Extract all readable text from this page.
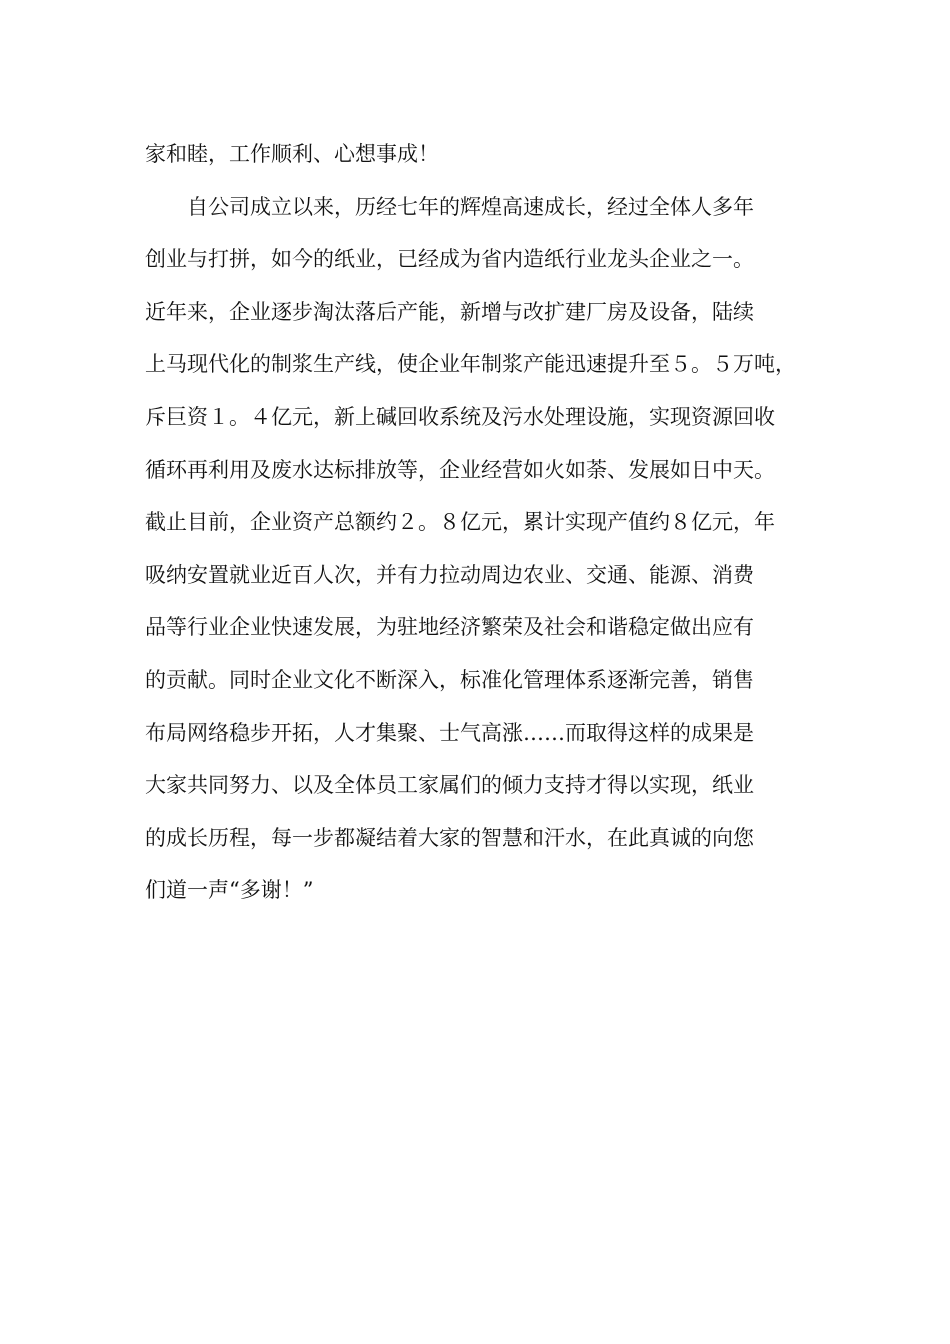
家和睦，工作顺利、心想事成！
　　自公司成立以来，历经七年的辉煌高速成长，经过全体人多年
创业与打拼，如今的纸业，已经成为省内造纸行业龙头企业之一。
近年来，企业逐步淘汰落后产能，新增与改扩建厂房及设备，陆续
上马现代化的制浆生产线，使企业年制浆产能迅速提升至５。５万吨，
斥巨资１。４亿元，新上碱回收系统及污水处理设施，实现资源回收
循环再利用及废水达标排放等，企业经营如火如荼、发展如日中天。
截止目前，企业资产总额约２。８亿元，累计实现产值约８亿元，年
吸纳安置就业近百人次，并有力拉动周边农业、交通、能源、消费
品等行业企业快速发展，为驻地经济繁荣及社会和谐稳定做出应有
的贡献。同时企业文化不断深入，标准化管理体系逐渐完善，销售
布局网络稳步开拓，人才集聚、士气高涨……而取得这样的成果是
大家共同努力、以及全体员工家属们的倾力支持才得以实现，纸业
的成长历程，每一步都凝结着大家的智慧和汗水，在此真诚的向您
们道一声“多谢！”
